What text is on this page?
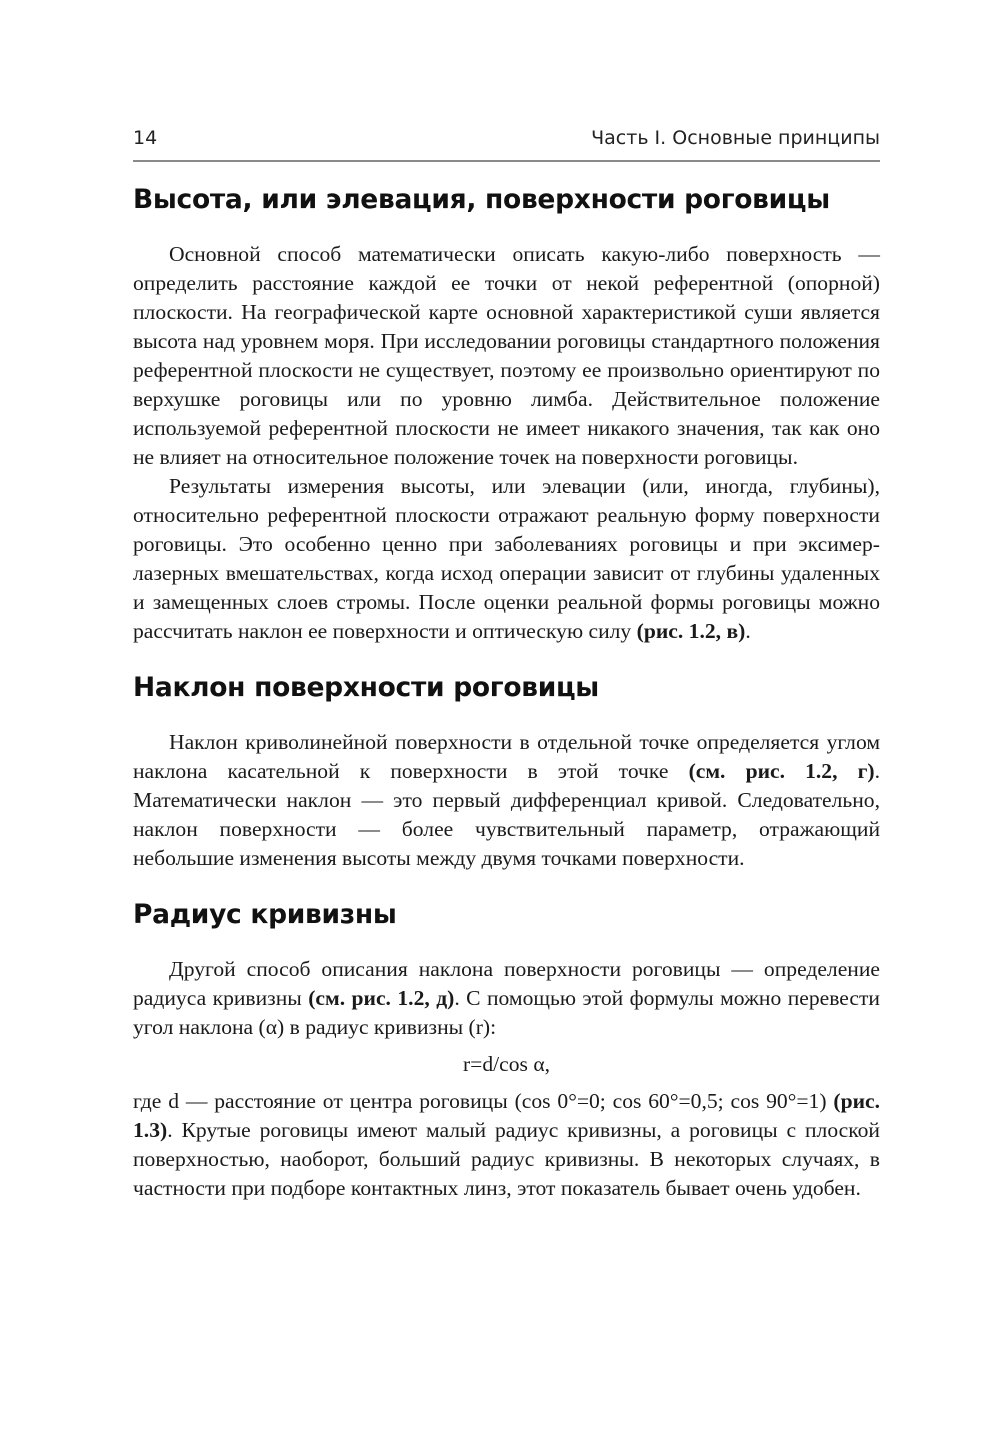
14	Часть I. Основные принципы
Высота, или элевация, поверхности роговицы

Основной способ математически описать какую-либо поверхность — определить расстояние каждой ее точки от некой референтной (опорной) плоскости. На географической карте основной характеристикой суши является высота над уровнем моря. При исследовании роговицы стандартного положения референтной плоскости не существует, поэтому ее произвольно ориентируют по верхушке роговицы или по уровню лимба. Действительное положение используемой референтной плоскости не имеет никакого значения, так как оно не влияет на относительное положение точек на поверхности роговицы.

Результаты измерения высоты, или элевации (или, иногда, глубины), относительно референтной плоскости отражают реальную форму поверхности роговицы. Это особенно ценно при заболеваниях роговицы и при эксимер-лазерных вмешательствах, когда исход операции зависит от глубины удаленных и замещенных слоев стромы. После оценки реальной формы роговицы можно рассчитать наклон ее поверхности и оптическую силу (рис. 1.2, в).

Наклон поверхности роговицы

Наклон криволинейной поверхности в отдельной точке определяется углом наклона касательной к поверхности в этой точке (см. рис. 1.2, г). Математически наклон — это первый дифференциал кривой. Следовательно, наклон поверхности — более чувствительный параметр, отражающий небольшие изменения высоты между двумя точками поверхности.

Радиус кривизны

Другой способ описания наклона поверхности роговицы — определение радиуса кривизны (см. рис. 1.2, д). С помощью этой формулы можно перевести угол наклона (α) в радиус кривизны (r):

r=d/cos α,

где d — расстояние от центра роговицы (cos 0°=0; cos 60°=0,5; cos 90°=1) (рис. 1.3). Крутые роговицы имеют малый радиус кривизны, а роговицы с плоской поверхностью, наоборот, больший радиус кривизны. В некоторых случаях, в частности при подборе контактных линз, этот показатель бывает очень удобен.
